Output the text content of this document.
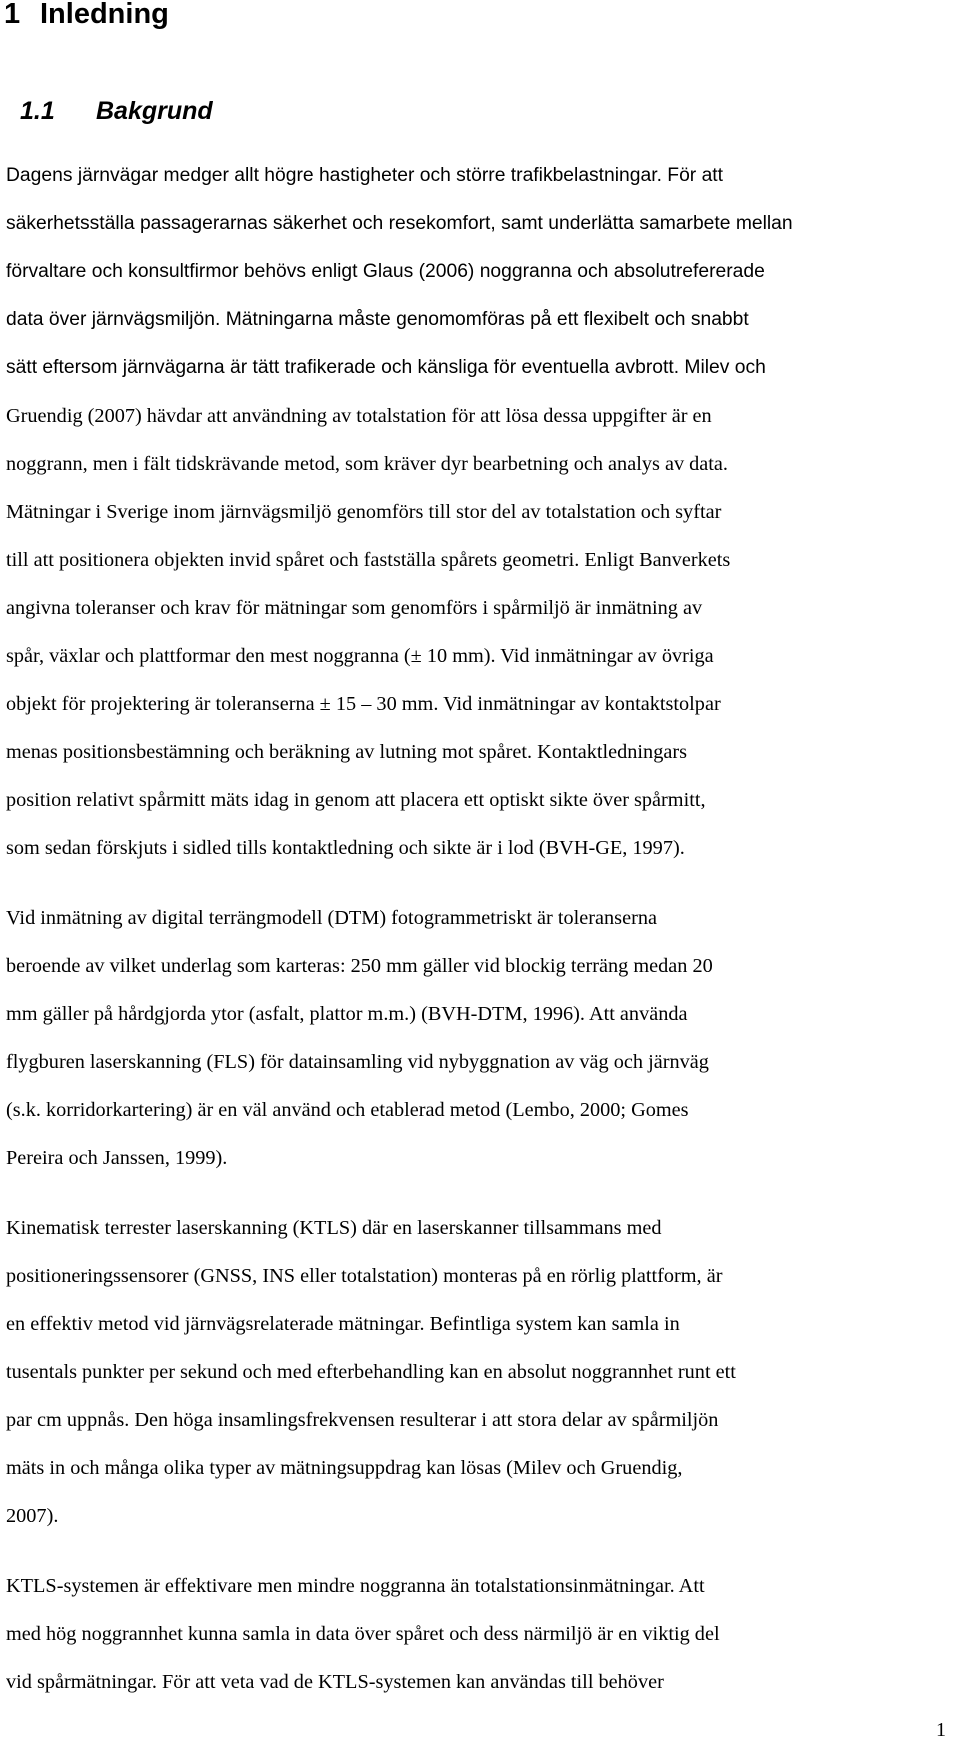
1 Inledning
1.1 Bakgrund

Dagens järnvägar medger allt högre hastigheter och större trafikbelastningar. För att

säkerhetsställa passagerarnas säkerhet och resekomfort, samt underlätta samarbete mellan

förvaltare och konsultfirmor behövs enligt Glaus (2006) noggranna och absolutrefererade

data över järnvägsmiljön. Mätningarna måste genomomföras på ett flexibelt och snabbt

sätt eftersom järnvägarna är tätt trafikerade och känsliga för eventuella avbrott. Milev och

Gruendig (2007) hävdar att användning av totalstation för att lösa dessa uppgifter är en

noggrann, men i fält tidskrävande metod, som kräver dyr bearbetning och analys av data.

Mätningar i Sverige inom järnvägsmiljö genomförs till stor del av totalstation och syftar

till att positionera objekten invid spåret och fastställa spårets geometri. Enligt Banverkets

angivna toleranser och krav för mätningar som genomförs i spårmiljö är inmätning av

spår, växlar och plattformar den mest noggranna (± 10 mm). Vid inmätningar av övriga

objekt för projektering är toleranserna ± 15 – 30 mm. Vid inmätningar av kontaktstolpar

menas positionsbestämning och beräkning av lutning mot spåret. Kontaktledningars

position relativt spårmitt mäts idag in genom att placera ett optiskt sikte över spårmitt,

som sedan förskjuts i sidled tills kontaktledning och sikte är i lod (BVH-GE, 1997).

Vid inmätning av digital terrängmodell (DTM) fotogrammetriskt är toleranserna

beroende av vilket underlag som karteras: 250 mm gäller vid blockig terräng medan 20

mm gäller på hårdgjorda ytor (asfalt, plattor m.m.) (BVH-DTM, 1996). Att använda

flygburen laserskanning (FLS) för datainsamling vid nybyggnation av väg och järnväg

(s.k. korridorkartering) är en väl använd och etablerad metod (Lembo, 2000; Gomes

Pereira och Janssen, 1999).

Kinematisk terrester laserskanning (KTLS) där en laserskanner tillsammans med

positioneringssensorer (GNSS, INS eller totalstation) monteras på en rörlig plattform, är

en effektiv metod vid järnvägsrelaterade mätningar. Befintliga system kan samla in

tusentals punkter per sekund och med efterbehandling kan en absolut noggrannhet runt ett

par cm uppnås. Den höga insamlingsfrekvensen resulterar i att stora delar av spårmiljön

mäts in och många olika typer av mätningsuppdrag kan lösas (Milev och Gruendig,

2007).

KTLS-systemen är effektivare men mindre noggranna än totalstationsinmätningar. Att

med hög noggrannhet kunna samla in data över spåret och dess närmiljö är en viktig del

vid spårmätningar. För att veta vad de KTLS-systemen kan användas till behöver

1
